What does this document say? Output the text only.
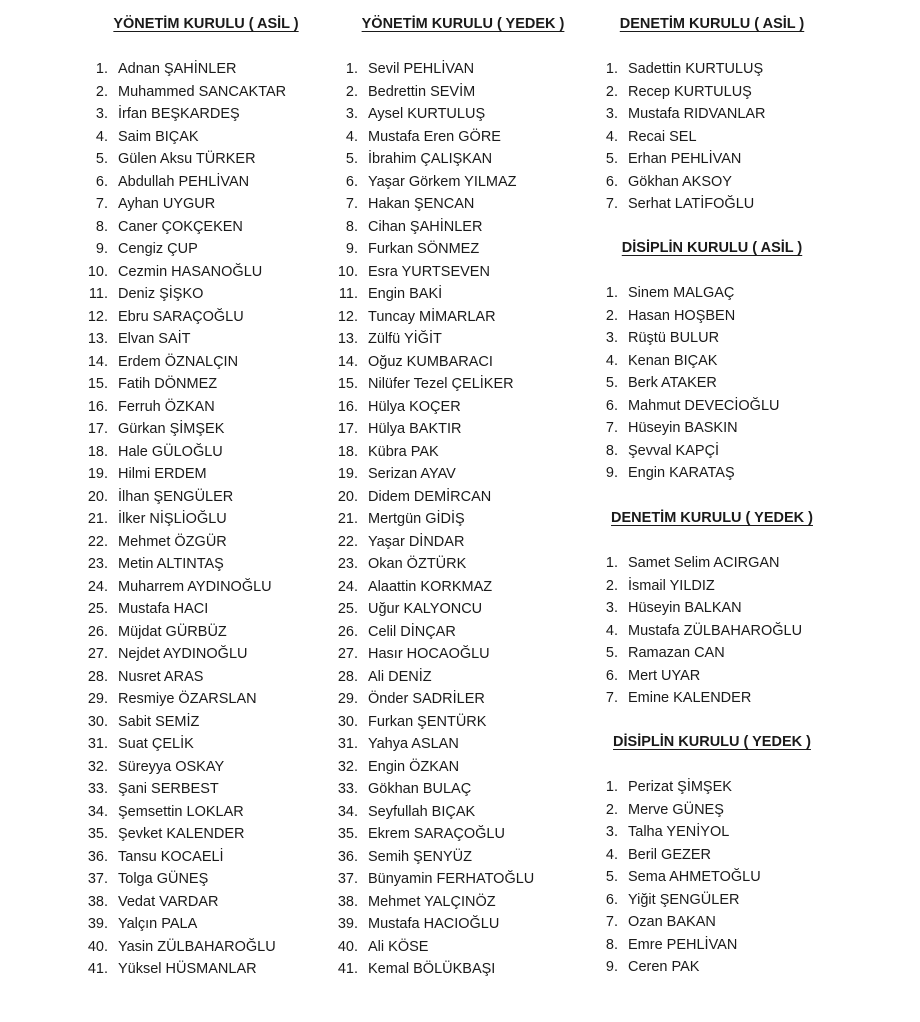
YÖNETİM KURULU ( ASİL )
1. Adnan ŞAHİNLER
2. Muhammed SANCAKTAR
3. İrfan BEŞKARDEŞ
4. Saim BIÇAK
5. Gülen Aksu TÜRKER
6. Abdullah PEHLİVAN
7. Ayhan UYGUR
8. Caner ÇOKÇEKEN
9. Cengiz ÇUP
10. Cezmin HASANOĞLU
11. Deniz ŞİŞKO
12. Ebru SARAÇOĞLU
13. Elvan SAİT
14. Erdem ÖZNALÇIN
15. Fatih DÖNMEZ
16. Ferruh ÖZKAN
17. Gürkan ŞİMŞEK
18. Hale GÜLOĞLU
19. Hilmi ERDEM
20. İlhan ŞENGÜLER
21. İlker NİŞLİOĞLU
22. Mehmet ÖZGÜR
23. Metin ALTINTAŞ
24. Muharrem AYDINOĞLU
25. Mustafa HACI
26. Müjdat GÜRBÜZ
27. Nejdet AYDINOĞLU
28. Nusret ARAS
29. Resmiye ÖZARSLAN
30. Sabit SEMİZ
31. Suat ÇELİK
32. Süreyya OSKAY
33. Şani SERBEST
34. Şemsettin LOKLAR
35. Şevket KALENDER
36. Tansu KOCAELİ
37. Tolga GÜNEŞ
38. Vedat VARDAR
39. Yalçın PALA
40. Yasin ZÜLBAHAROĞLU
41. Yüksel HÜSMANLAR
YÖNETİM KURULU ( YEDEK )
1. Sevil PEHLİVAN
2. Bedrettin SEVİM
3. Aysel KURTULUŞ
4. Mustafa Eren GÖRE
5. İbrahim ÇALIŞKAN
6. Yaşar Görkem YILMAZ
7. Hakan ŞENCAN
8. Cihan ŞAHİNLER
9. Furkan SÖNMEZ
10. Esra YURTSEVEN
11. Engin BAKİ
12. Tuncay MİMARLAR
13. Zülfü YİĞİT
14. Oğuz KUMBARACI
15. Nilüfer Tezel ÇELİKER
16. Hülya KOÇER
17. Hülya BAKTIR
18. Kübra PAK
19. Serizan AYAV
20. Didem DEMİRCAN
21. Mertgün GİDİŞ
22. Yaşar DİNDAR
23. Okan ÖZTÜRK
24. Alaattin KORKMAZ
25. Uğur KALYONCU
26. Celil DİNÇAR
27. Hasır HOCAOĞLU
28. Ali DENİZ
29. Önder SADRİLER
30. Furkan ŞENTÜRK
31. Yahya ASLAN
32. Engin ÖZKAN
33. Gökhan BULAÇ
34. Seyfullah BIÇAK
35. Ekrem SARAÇOĞLU
36. Semih ŞENYÜZ
37. Bünyamin FERHATOĞLU
38. Mehmet YALÇINÖZ
39. Mustafa HACIOĞLU
40. Ali KÖSE
41. Kemal BÖLÜKBAŞI
DENETİM KURULU ( ASİL )
1. Sadettin KURTULUŞ
2. Recep KURTULUŞ
3. Mustafa RIDVANLAR
4. Recai SEL
5. Erhan PEHLİVAN
6. Gökhan AKSOY
7. Serhat LATİFOĞLU
DİSİPLİN KURULU ( ASİL )
1. Sinem MALGAÇ
2. Hasan HOŞBEN
3. Rüştü BULUR
4. Kenan BIÇAK
5. Berk ATAKER
6. Mahmut DEVECİOĞLU
7. Hüseyin BASKIN
8. Şevval KAPÇİ
9. Engin KARATAŞ
DENETİM KURULU ( YEDEK )
1. Samet Selim ACIRGAN
2. İsmail YILDIZ
3. Hüseyin BALKAN
4. Mustafa ZÜLBAHAROĞLU
5. Ramazan CAN
6. Mert UYAR
7. Emine KALENDER
DİSİPLİN KURULU ( YEDEK )
1. Perizat ŞİMŞEK
2. Merve GÜNEŞ
3. Talha YENİYOL
4. Beril GEZER
5. Sema AHMETOĞLU
6. Yiğit ŞENGÜLER
7. Ozan BAKAN
8. Emre PEHLİVAN
9. Ceren PAK
